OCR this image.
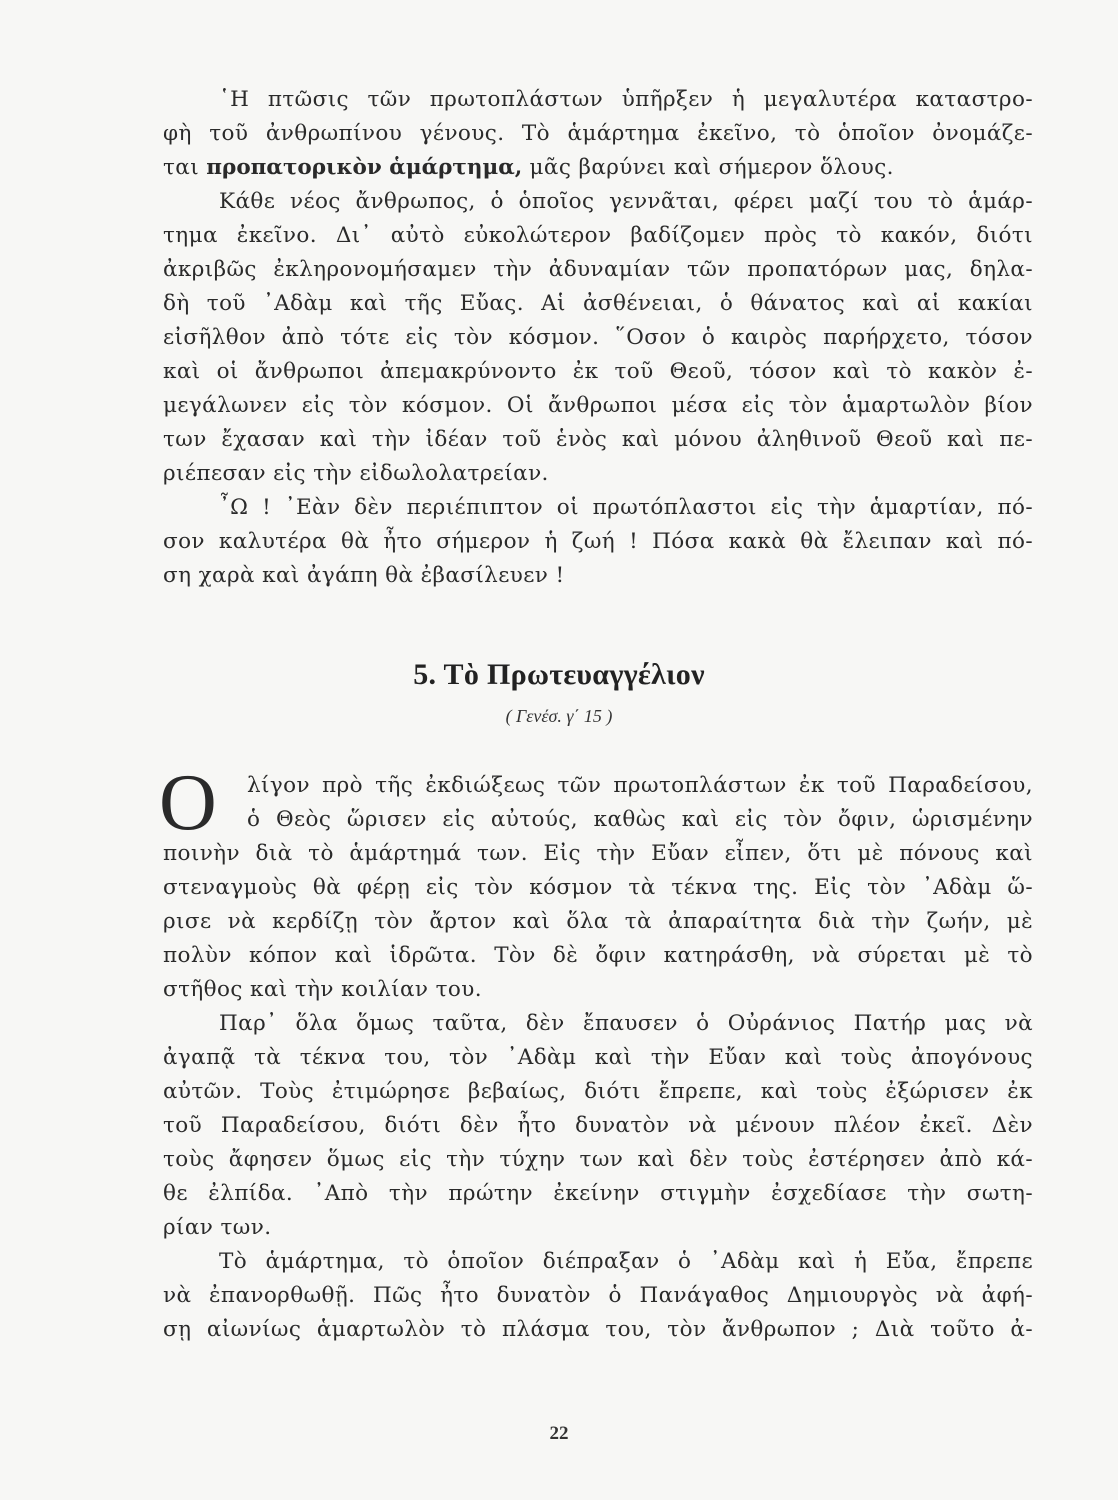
῾Η πτῶσις τῶν πρωτοπλάστων ὑπῆρξεν ἡ μεγαλυτέρα καταστρο-
φὴ τοῦ ἀνθρωπίνου γένους. Τὸ ἁμάρτημα ἐκεῖνο, τὸ ὁποῖον ὀνομάζε-
ται προπατορικὸν ἁμάρτημα, μᾶς βαρύνει καὶ σήμερον ὅλους.
Κάθε νέος ἄνθρωπος, ὁ ὁποῖος γεννᾶται, φέρει μαζί του τὸ ἁμάρ-
τημα ἐκεῖνο. Δι᾽ αὐτὸ εὐκολώτερον βαδίζομεν πρὸς τὸ κακόν, διότι
ἀκριβῶς ἐκληρονομήσαμεν τὴν ἀδυναμίαν τῶν προπατόρων μας, δηλα-
δὴ τοῦ ᾿Αδὰμ καὶ τῆς Εὔας. Αἱ ἀσθένειαι, ὁ θάνατος καὶ αἱ κακίαι
εἰσῆλθον ἀπὸ τότε εἰς τὸν κόσμον. ῞Οσον ὁ καιρὸς παρήρχετο, τόσον
καὶ οἱ ἄνθρωποι ἀπεμακρύνοντο ἐκ τοῦ Θεοῦ, τόσον καὶ τὸ κακὸν ἐ-
μεγάλωνεν εἰς τὸν κόσμον. Οἱ ἄνθρωποι μέσα εἰς τὸν ἁμαρτωλὸν βίον
των ἔχασαν καὶ τὴν ἰδέαν τοῦ ἑνὸς καὶ μόνου ἀληθινοῦ Θεοῦ καὶ πε-
ριέπεσαν εἰς τὴν εἰδωλολατρείαν.
῏Ω ! ᾿Εὰν δὲν περιέπιπτον οἱ πρωτόπλαστοι εἰς τὴν ἁμαρτίαν, πό-
σον καλυτέρα θὰ ἦτο σήμερον ἡ ζωή ! Πόσα κακὰ θὰ ἔλειπαν καὶ πό-
ση χαρὰ καὶ ἀγάπη θὰ ἐβασίλευεν !
5. Τὸ Πρωτευαγγέλιον
( Γενέσ. γ΄ 15 )
Ο	λίγον πρὸ τῆς ἐκδιώξεως τῶν πρωτοπλάστων ἐκ τοῦ Παραδείσου,
ὁ Θεὸς ὥρισεν εἰς αὐτούς, καθὼς καὶ εἰς τὸν ὄφιν, ὡρισμένην
ποινὴν διὰ τὸ ἁμάρτημά των. Εἰς τὴν Εὔαν εἶπεν, ὅτι μὲ πόνους καὶ
στεναγμοὺς θὰ φέρῃ εἰς τὸν κόσμον τὰ τέκνα της. Εἰς τὸν ᾿Αδὰμ ὥ-
ρισε νὰ κερδίζῃ τὸν ἄρτον καὶ ὅλα τὰ ἀπαραίτητα διὰ τὴν ζωήν, μὲ
πολὺν κόπον καὶ ἱδρῶτα. Τὸν δὲ ὄφιν κατηράσθη, νὰ σύρεται μὲ τὸ
στῆθος καὶ τὴν κοιλίαν του.
Παρ᾽ ὅλα ὅμως ταῦτα, δὲν ἔπαυσεν ὁ Οὐράνιος Πατήρ μας νὰ
ἀγαπᾷ τὰ τέκνα του, τὸν ᾿Αδὰμ καὶ τὴν Εὔαν καὶ τοὺς ἀπογόνους
αὐτῶν. Τοὺς ἐτιμώρησε βεβαίως, διότι ἔπρεπε, καὶ τοὺς ἐξώρισεν ἐκ
τοῦ Παραδείσου, διότι δὲν ἦτο δυνατὸν νὰ μένουν πλέον ἐκεῖ. Δὲν
τοὺς ἄφησεν ὅμως εἰς τὴν τύχην των καὶ δὲν τοὺς ἐστέρησεν ἀπὸ κά-
θε ἐλπίδα. ᾿Απὸ τὴν πρώτην ἐκείνην στιγμὴν ἐσχεδίασε τὴν σωτη-
ρίαν των.
Τὸ ἁμάρτημα, τὸ ὁποῖον διέπραξαν ὁ ᾿Αδὰμ καὶ ἡ Εὔα, ἔπρεπε
νὰ ἐπανορθωθῇ. Πῶς ἦτο δυνατὸν ὁ Πανάγαθος Δημιουργὸς νὰ ἀφή-
σῃ αἰωνίως ἁμαρτωλὸν τὸ πλάσμα του, τὸν ἄνθρωπον ; Διὰ τοῦτο ἀ-
22
